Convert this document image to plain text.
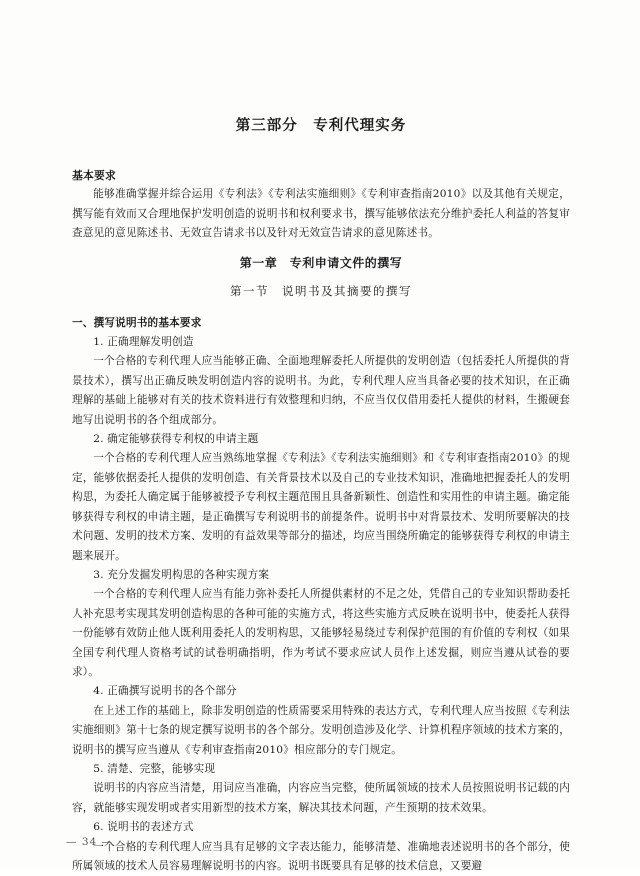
第三部分　专利代理实务
基本要求

能够准确掌握并综合运用《专利法》《专利法实施细则》《专利审查指南2010》以及其他有关规定，撰写能有效而又合理地保护发明创造的说明书和权利要求书，撰写能够依法充分维护委托人利益的答复审查意见的意见陈述书、无效宣告请求书以及针对无效宣告请求的意见陈述书。

第一章　专利申请文件的撰写
第一节　说明书及其摘要的撰写
一、撰写说明书的基本要求
1. 正确理解发明创造

一个合格的专利代理人应当能够正确、全面地理解委托人所提供的发明创造（包括委托人所提供的背景技术），撰写出正确反映发明创造内容的说明书。为此，专利代理人应当具备必要的技术知识，在正确理解的基础上能够对有关的技术资料进行有效整理和归纳，不应当仅仅借用委托人提供的材料，生搬硬套地写出说明书的各个组成部分。

2. 确定能够获得专利权的申请主题

一个合格的专利代理人应当熟练地掌握《专利法》《专利法实施细则》和《专利审查指南2010》的规定，能够依据委托人提供的发明创造、有关背景技术以及自己的专业技术知识，准确地把握委托人的发明构思，为委托人确定属于能够被授予专利权主题范围且具备新颖性、创造性和实用性的申请主题。确定能够获得专利权的申请主题，是正确撰写专利说明书的前提条件。说明书中对背景技术、发明所要解决的技术问题、发明的技术方案、发明的有益效果等部分的描述，均应当围绕所确定的能够获得专利权的申请主题来展开。

3. 充分发掘发明构思的各种实现方案

一个合格的专利代理人应当有能力弥补委托人所提供素材的不足之处，凭借自己的专业知识帮助委托人补充思考实现其发明创造构思的各种可能的实施方式，将这些实施方式反映在说明书中，使委托人获得一份能够有效防止他人既利用委托人的发明构思，又能够轻易绕过专利保护范围的有价值的专利权（如果全国专利代理人资格考试的试卷明确指明，作为考试不要求应试人员作上述发掘，则应当遵从试卷的要求）。

4. 正确撰写说明书的各个部分

在上述工作的基础上，除非发明创造的性质需要采用特殊的表达方式，专利代理人应当按照《专利法实施细则》第十七条的规定撰写说明书的各个部分。发明创造涉及化学、计算机程序领域的技术方案的，说明书的撰写应当遵从《专利审查指南2010》相应部分的专门规定。

5. 清楚、完整，能够实现

说明书的内容应当清楚，用词应当准确，内容应当完整，使所属领域的技术人员按照说明书记载的内容，就能够实现发明或者实用新型的技术方案，解决其技术问题，产生预期的技术效果。

6. 说明书的表述方式

一个合格的专利代理人应当具有足够的文字表达能力，能够清楚、准确地表述说明书的各个部分，使所属领域的技术人员容易理解说明书的内容。说明书既要具有足够的技术信息，又要避

— 34 —
